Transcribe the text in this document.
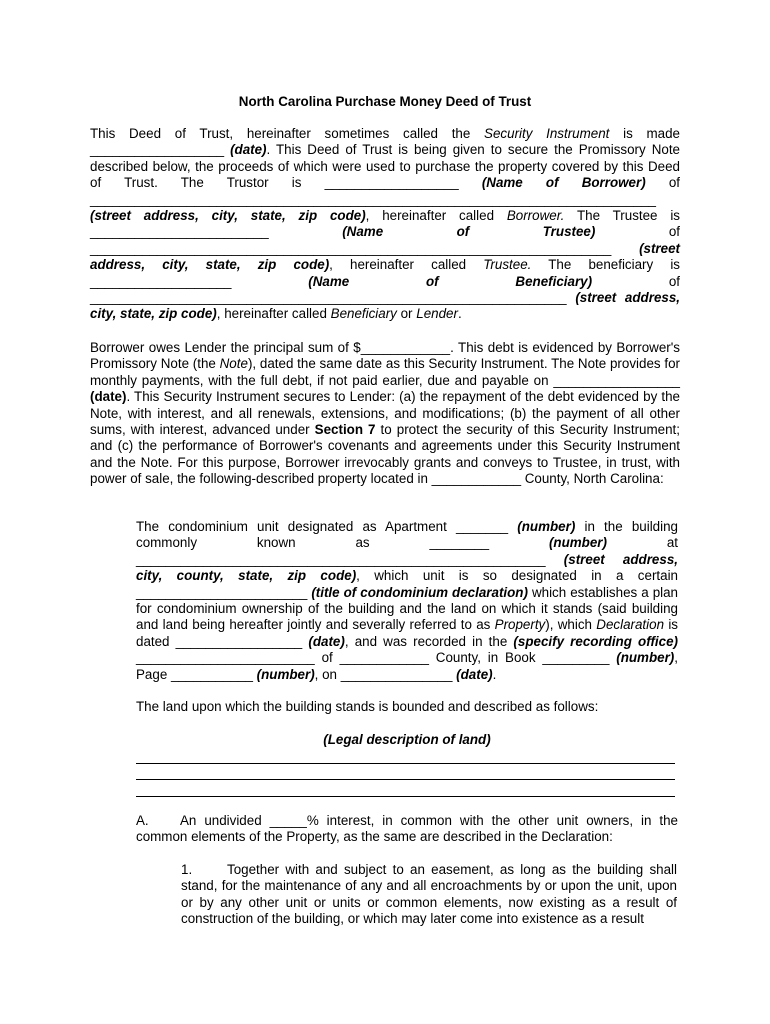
North Carolina Purchase Money Deed of Trust
This Deed of Trust, hereinafter sometimes called the Security Instrument is made __________________ (date). This Deed of Trust is being given to secure the Promissory Note described below, the proceeds of which were used to purchase the property covered by this Deed of Trust. The Trustor is __________________ (Name of Borrower) of ____________________________________________________________________________ (street address, city, state, zip code), hereinafter called Borrower. The Trustee is ________________________ (Name of Trustee) of ______________________________________________________________________ (street address, city, state, zip code), hereinafter called Trustee. The beneficiary is ___________________ (Name of Beneficiary) of ________________________________________________________________ (street address, city, state, zip code), hereinafter called Beneficiary or Lender.
Borrower owes Lender the principal sum of $____________. This debt is evidenced by Borrower's Promissory Note (the Note), dated the same date as this Security Instrument. The Note provides for monthly payments, with the full debt, if not paid earlier, due and payable on _________________ (date). This Security Instrument secures to Lender: (a) the repayment of the debt evidenced by the Note, with interest, and all renewals, extensions, and modifications; (b) the payment of all other sums, with interest, advanced under Section 7 to protect the security of this Security Instrument; and (c) the performance of Borrower's covenants and agreements under this Security Instrument and the Note. For this purpose, Borrower irrevocably grants and conveys to Trustee, in trust, with power of sale, the following-described property located in ____________ County, North Carolina:
The condominium unit designated as Apartment _______ (number) in the building commonly known as ________ (number) at _______________________________________________________ (street address, city, county, state, zip code), which unit is so designated in a certain _______________________ (title of condominium declaration) which establishes a plan for condominium ownership of the building and the land on which it stands (said building and land being hereafter jointly and severally referred to as Property), which Declaration is dated _________________ (date), and was recorded in the (specify recording office) ________________________ of ____________ County, in Book _________ (number), Page ___________ (number), on _______________ (date).
The land upon which the building stands is bounded and described as follows:
(Legal description of land)
A. An undivided _____% interest, in common with the other unit owners, in the common elements of the Property, as the same are described in the Declaration:
1.	Together with and subject to an easement, as long as the building shall stand, for the maintenance of any and all encroachments by or upon the unit, upon or by any other unit or units or common elements, now existing as a result of construction of the building, or which may later come into existence as a result
